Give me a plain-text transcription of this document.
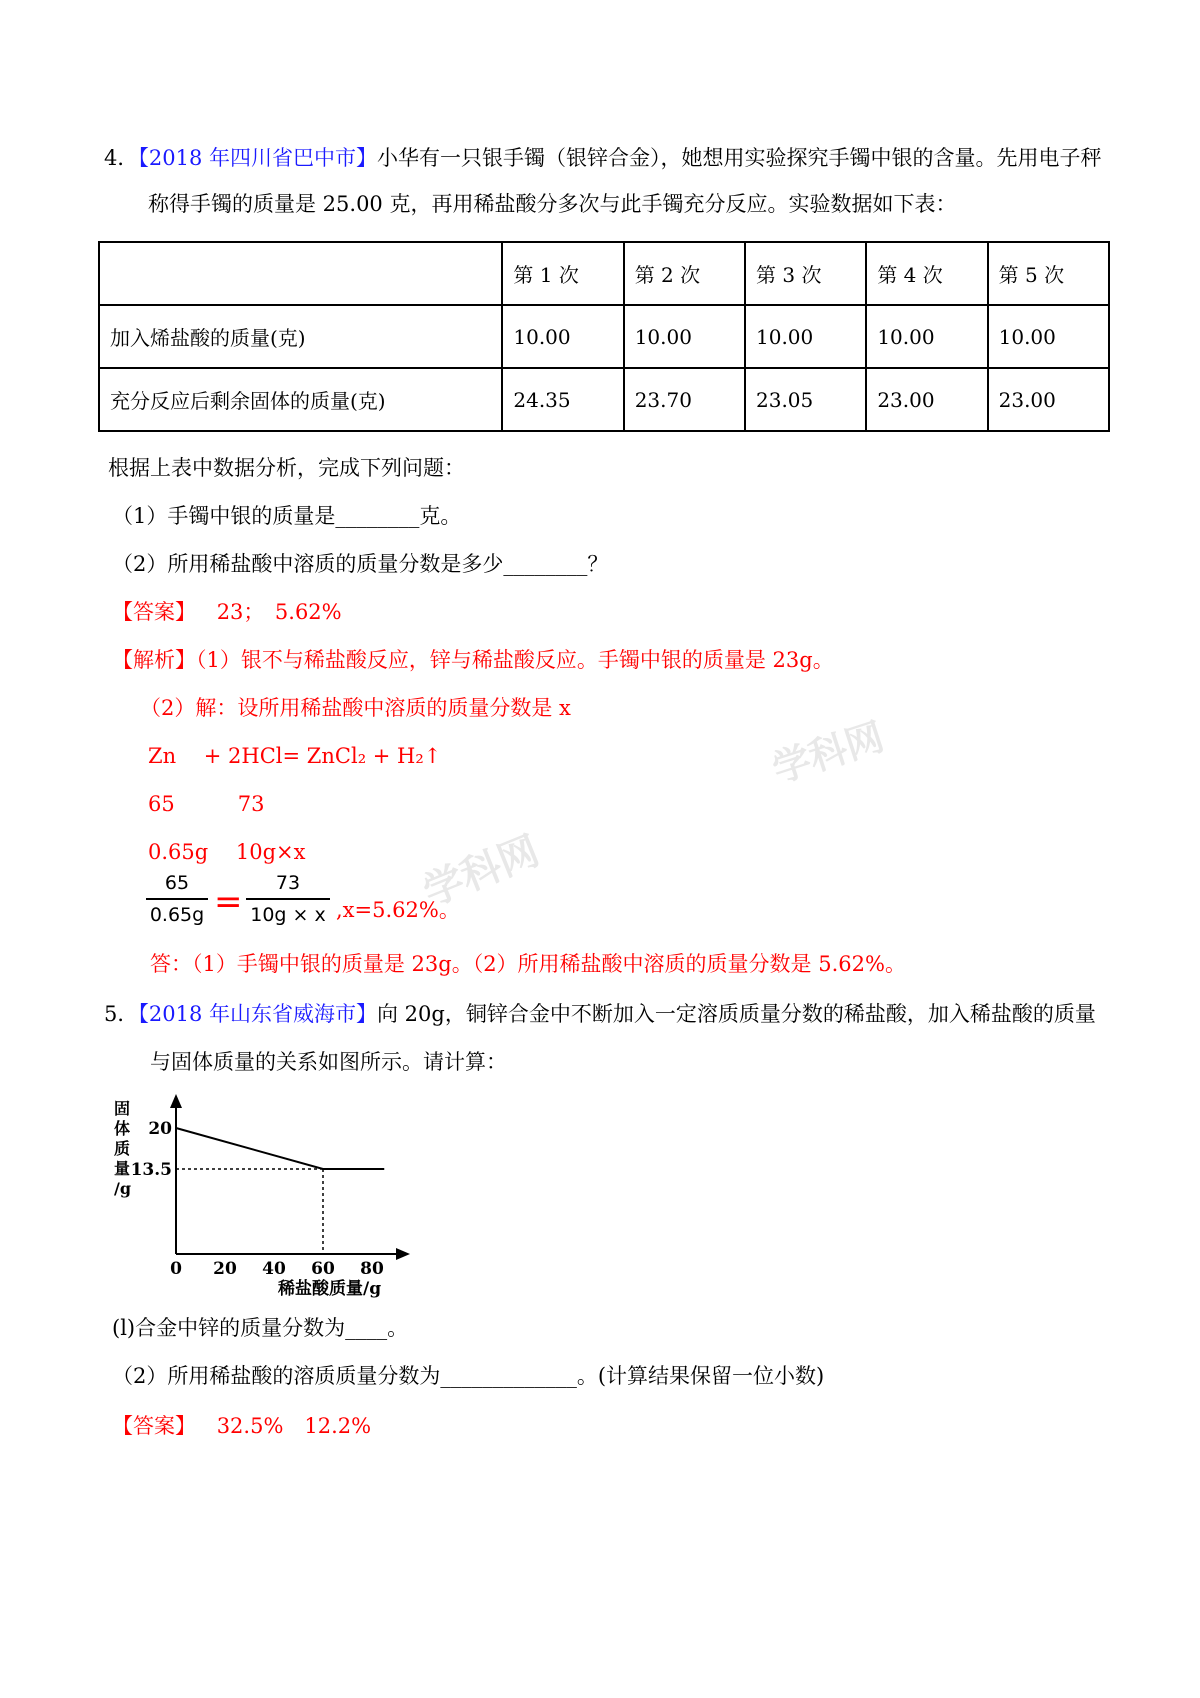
4．【2018 年四川省巴中市】小华有一只银手镯（银锌合金），她想用实验探究手镯中银的含量。先用电子秤
称得手镯的质量是 25.00 克，再用稀盐酸分多次与此手镯充分反应。实验数据如下表：
	第 1 次	第 2 次	第 3 次	第 4 次	第 5 次
加入烯盐酸的质量(克)	10.00	10.00	10.00	10.00	10.00
充分反应后剩余固体的质量(克)	24.35	23.70	23.05	23.00	23.00
根据上表中数据分析，完成下列问题：
（1）手镯中银的质量是________克。
（2）所用稀盐酸中溶质的质量分数是多少________？
【答案】 23；　5.62%
【解析】（1）银不与稀盐酸反应，锌与稀盐酸反应。手镯中银的质量是 23g。
（2）解：设所用稀盐酸中溶质的质量分数是 x
Zn　 + 2HCl= ZnCl₂ + H₂↑
65　　　73
0.65g　 10g×x
65
0.65g =	73
10g × x ,x=5.62%。
答：（1）手镯中银的质量是 23g。（2）所用稀盐酸中溶质的质量分数是 5.62%。
学科网
学科网
5．【2018 年山东省威海市】向 20g，铜锌合金中不断加入一定溶质质量分数的稀盐酸，加入稀盐酸的质量
与固体质量的关系如图所示。请计算：
固体质量/g
0 20 40 60 80
20
13.5
稀盐酸质量/g
(l)合金中锌的质量分数为____。
（2）所用稀盐酸的溶质质量分数为_____________。(计算结果保留一位小数)
【答案】 32.5%　12.2%
